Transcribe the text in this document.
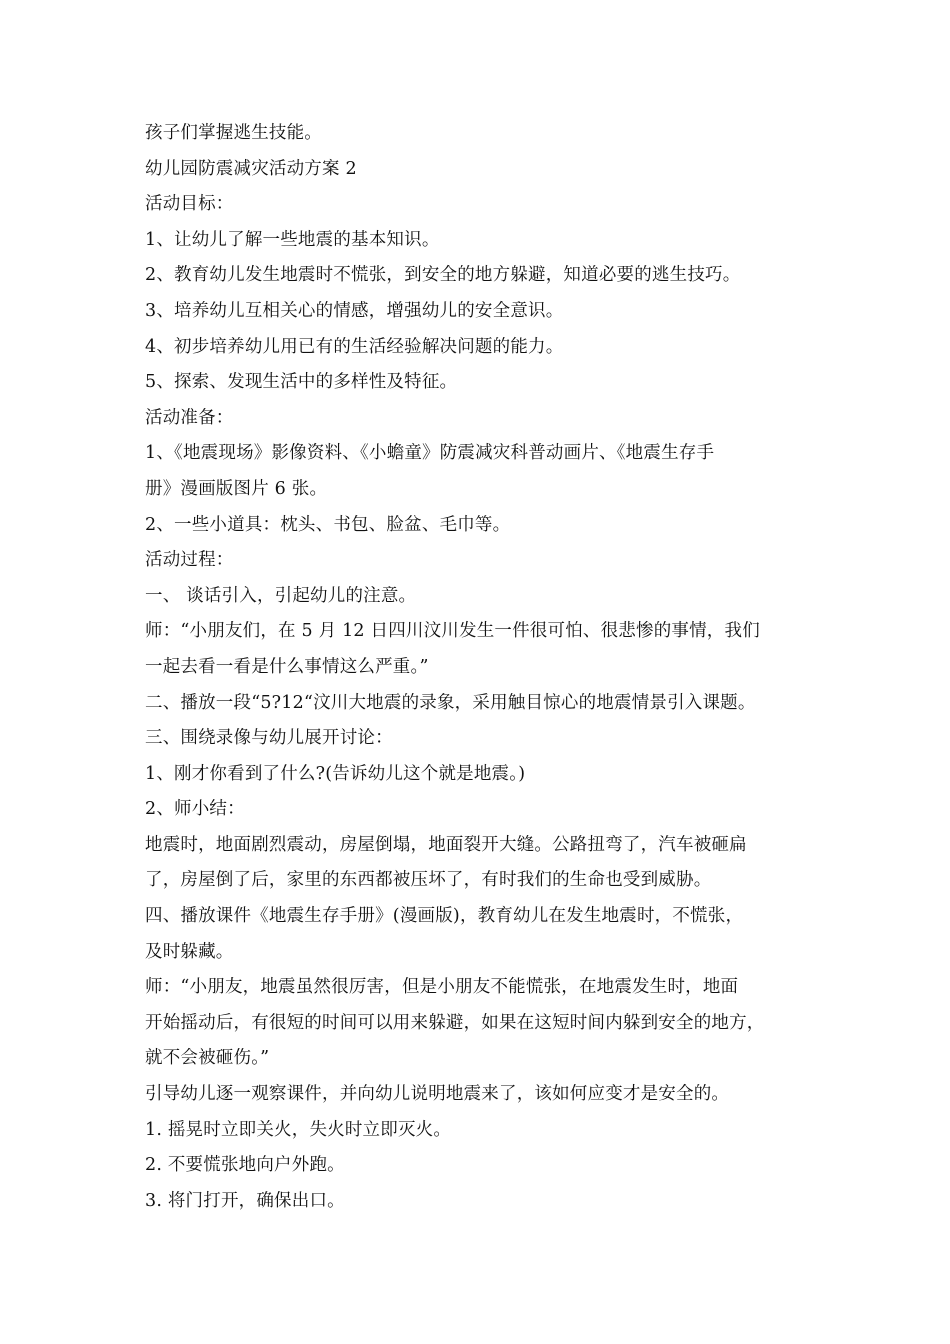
孩子们掌握逃生技能。
幼儿园防震减灾活动方案 2
活动目标：
1、让幼儿了解一些地震的基本知识。
2、教育幼儿发生地震时不慌张，到安全的地方躲避，知道必要的逃生技巧。
3、培养幼儿互相关心的情感，增强幼儿的安全意识。
4、初步培养幼儿用已有的生活经验解决问题的能力。
5、探索、发现生活中的多样性及特征。
活动准备：
1、《地震现场》影像资料、《小蟾童》防震减灾科普动画片、《地震生存手
册》漫画版图片 6 张。
2、一些小道具：枕头、书包、脸盆、毛巾等。
活动过程：
一、 谈话引入，引起幼儿的注意。
师：“小朋友们，在 5 月 12 日四川汶川发生一件很可怕、很悲惨的事情，我们
一起去看一看是什么事情这么严重。”
二、播放一段“5?12“汶川大地震的录象，采用触目惊心的地震情景引入课题。
三、围绕录像与幼儿展开讨论：
1、刚才你看到了什么?(告诉幼儿这个就是地震。)
2、师小结：
地震时，地面剧烈震动，房屋倒塌，地面裂开大缝。公路扭弯了，汽车被砸扁
了，房屋倒了后，家里的东西都被压坏了，有时我们的生命也受到威胁。
四、播放课件《地震生存手册》(漫画版)，教育幼儿在发生地震时，不慌张，
及时躲藏。
师：“小朋友，地震虽然很厉害，但是小朋友不能慌张，在地震发生时，地面
开始摇动后，有很短的时间可以用来躲避，如果在这短时间内躲到安全的地方，
就不会被砸伤。”
引导幼儿逐一观察课件，并向幼儿说明地震来了，该如何应变才是安全的。
1. 摇晃时立即关火，失火时立即灭火。
2. 不要慌张地向户外跑。
3. 将门打开，确保出口。
